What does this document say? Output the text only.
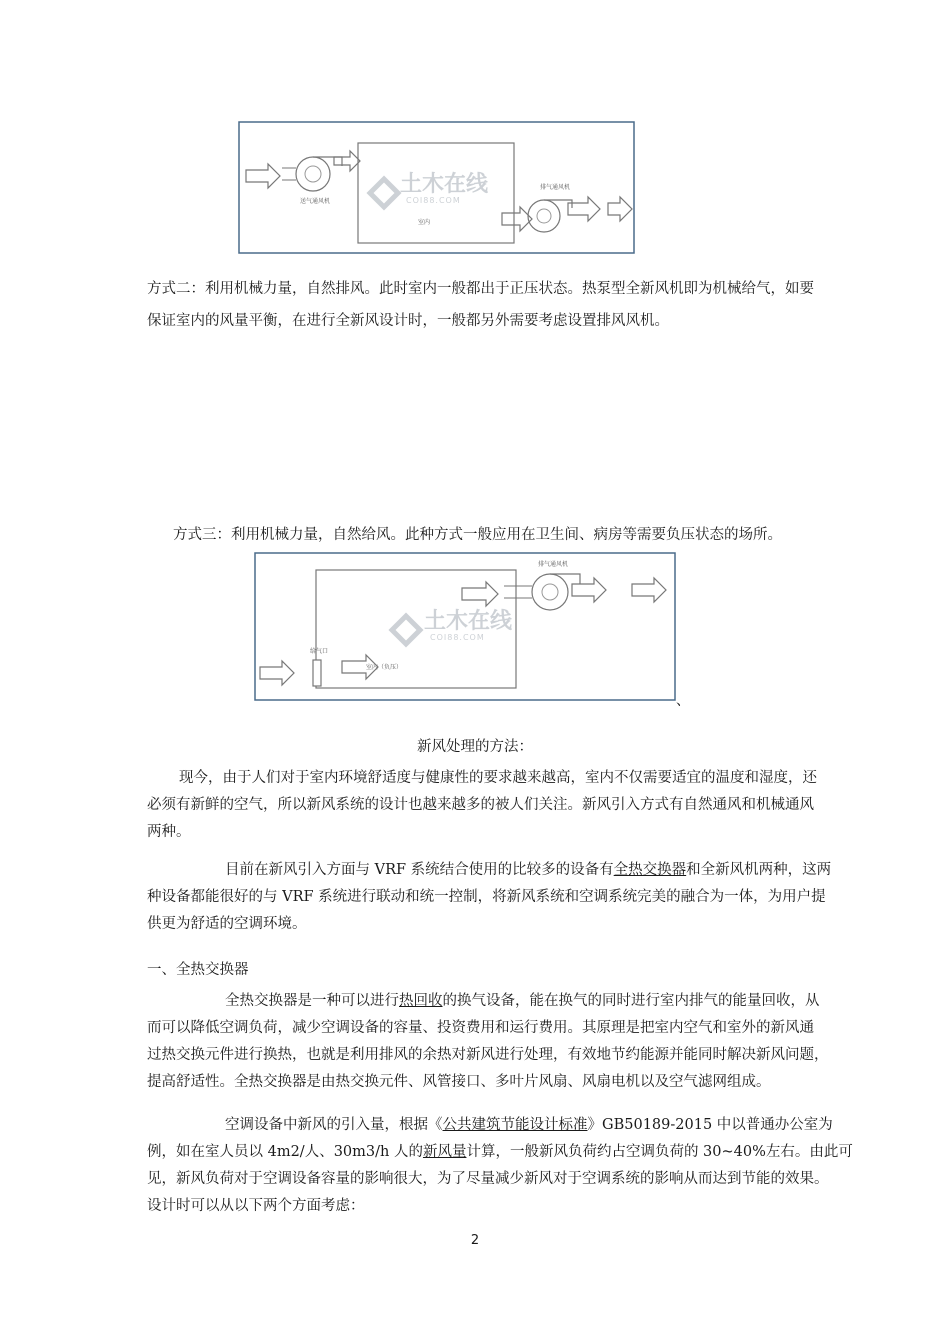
送气通风机
室内
土木在线
COI88.COM
排气通风机
方式二：利用机械力量，自然排风。此时室内一般都出于正压状态。热泵型全新风机即为机械给气，如要
保证室内的风量平衡，在进行全新风设计时，一般都另外需要考虑设置排风风机。
方式三：利用机械力量，自然给风。此种方式一般应用在卫生间、病房等需要负压状态的场所。
室内（负压）
给气口
土木在线
COI88.COM
排气通风机
、
新风处理的方法：
现今，由于人们对于室内环境舒适度与健康性的要求越来越高，室内不仅需要适宜的温度和湿度，还
必须有新鲜的空气，所以新风系统的设计也越来越多的被人们关注。新风引入方式有自然通风和机械通风
两种。
目前在新风引入方面与 VRF 系统结合使用的比较多的设备有全热交换器和全新风机两种，这两
种设备都能很好的与 VRF 系统进行联动和统一控制，将新风系统和空调系统完美的融合为一体，为用户提
供更为舒适的空调环境。
一、全热交换器
全热交换器是一种可以进行热回收的换气设备，能在换气的同时进行室内排气的能量回收，从
而可以降低空调负荷，减少空调设备的容量、投资费用和运行费用。其原理是把室内空气和室外的新风通
过热交换元件进行换热，也就是利用排风的余热对新风进行处理，有效地节约能源并能同时解决新风问题，
提高舒适性。全热交换器是由热交换元件、风管接口、多叶片风扇、风扇电机以及空气滤网组成。
空调设备中新风的引入量，根据《公共建筑节能设计标准》GB50189-2015 中以普通办公室为
例，如在室人员以 4m2/人、30m3/h 人的新风量计算，一般新风负荷约占空调负荷的 30~40%左右。由此可
见，新风负荷对于空调设备容量的影响很大，为了尽量减少新风对于空调系统的影响从而达到节能的效果。
设计时可以从以下两个方面考虑：
2
